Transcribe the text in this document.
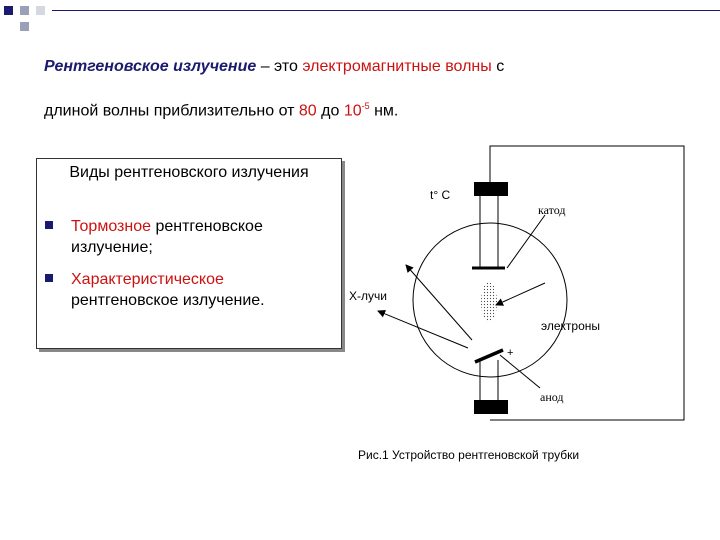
Рентгеновское излучение – это электромагнитные волны с
длиной волны приблизительно от 80 до $10^{-5}$ нм.
Виды рентгеновского излучения
Тормозное рентгеновское излучение;
Характеристическое рентгеновское излучение.
t° C
катод
Х-лучи
электроны
+
анод
Рис.1 Устройство рентгеновской трубки
